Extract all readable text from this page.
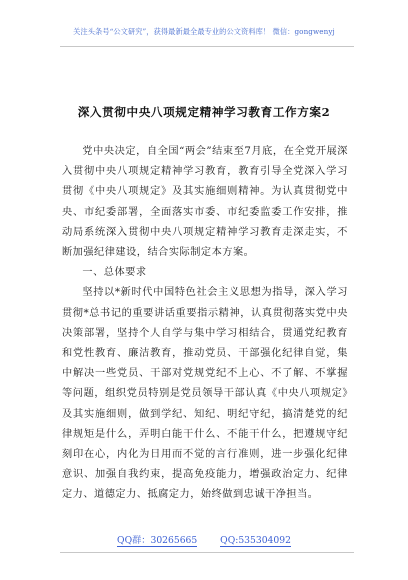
关注头条号“公文研究”，获得最新最全最专业的公文资料库！ 微信：gongwenyj
深入贯彻中央八项规定精神学习教育工作方案2

党中央决定，自全国“两会”结束至7月底，在全党开展深入贯彻中央八项规定精神学习教育，教育引导全党深入学习贯彻《中央八项规定》及其实施细则精神。为认真贯彻党中央、市纪委部署，全面落实市委、市纪委监委工作安排，推动局系统深入贯彻中央八项规定精神学习教育走深走实，不断加强纪律建设，结合实际制定本方案。

一、总体要求

坚持以*新时代中国特色社会主义思想为指导，深入学习贯彻*总书记的重要讲话重要指示精神，认真贯彻落实党中央决策部署，坚持个人自学与集中学习相结合，贯通党纪教育和党性教育、廉洁教育，推动党员、干部强化纪律自觉，集中解决一些党员、干部对党规党纪不上心、不了解、不掌握等问题，组织党员特别是党员领导干部认真《中央八项规定》及其实施细则，做到学纪、知纪、明纪守纪，搞清楚党的纪律规矩是什么，弄明白能干什么、不能干什么，把遵规守纪刻印在心，内化为日用而不觉的言行准则，进一步强化纪律意识、加强自我约束，提高免疫能力，增强政治定力、纪律定力、道德定力、抵腐定力，始终做到忠诚干净担当。

QQ群：30265665 QQ:535304092
